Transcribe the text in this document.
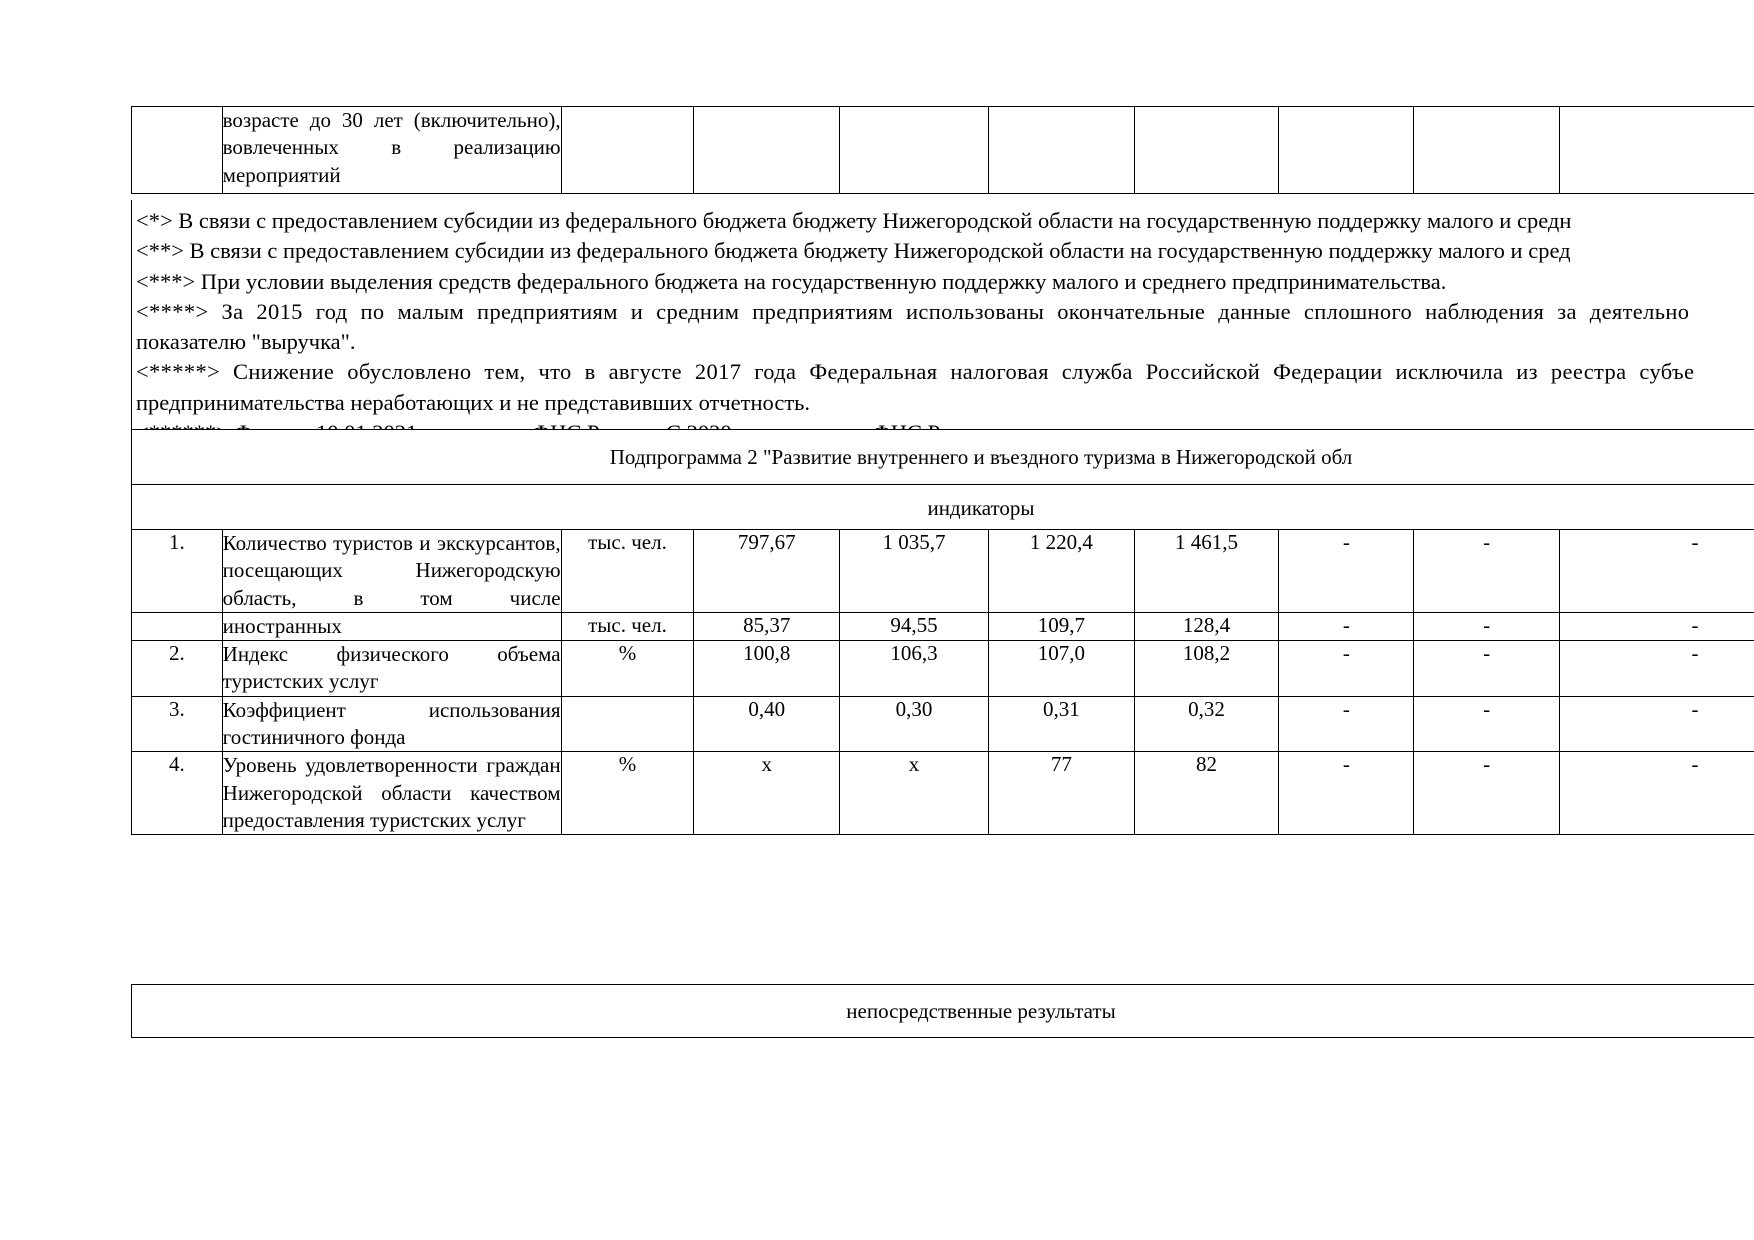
	возрасте до 30 лет (включительно), вовлеченных в реализацию мероприятий								
<*> В связи с предоставлением субсидии из федерального бюджета бюджету Нижегородской области на государственную поддержку малого и средн
<**> В связи с предоставлением субсидии из федерального бюджета бюджету Нижегородской области на государственную поддержку малого и сред
<***> При условии выделения средств федерального бюджета на государственную поддержку малого и среднего предпринимательства.
<****> За 2015 год по малым предприятиям и средним предприятиям использованы окончательные данные сплошного наблюдения за деятельно
показателю "выручка".
<*****> Снижение обусловлено тем, что в августе 2017 года Федеральная налоговая служба Российской Федерации исключила из реестра субъе
предпринимательства неработающих и не представивших отчетность.
Подпрограмма 2 "Развитие внутреннего и въездного туризма в Нижегородской обл
индикаторы
1.	Количество туристов и экскурсантов, посещающих Нижегородскую область, в том числе	тыс. чел.	797,67	1 035,7	1 220,4	1 461,5	-	-	-
	иностранных	тыс. чел.	85,37	94,55	109,7	128,4	-	-	-
2.	Индекс физического объема туристских услуг	%	100,8	106,3	107,0	108,2	-	-	-
3.	Коэффициент использования гостиничного фонда		0,40	0,30	0,31	0,32	-	-	-
4.	Уровень удовлетворенности граждан Нижегородской области качеством предоставления туристских услуг	%	x	x	77	82	-	-	-
непосредственные результаты
